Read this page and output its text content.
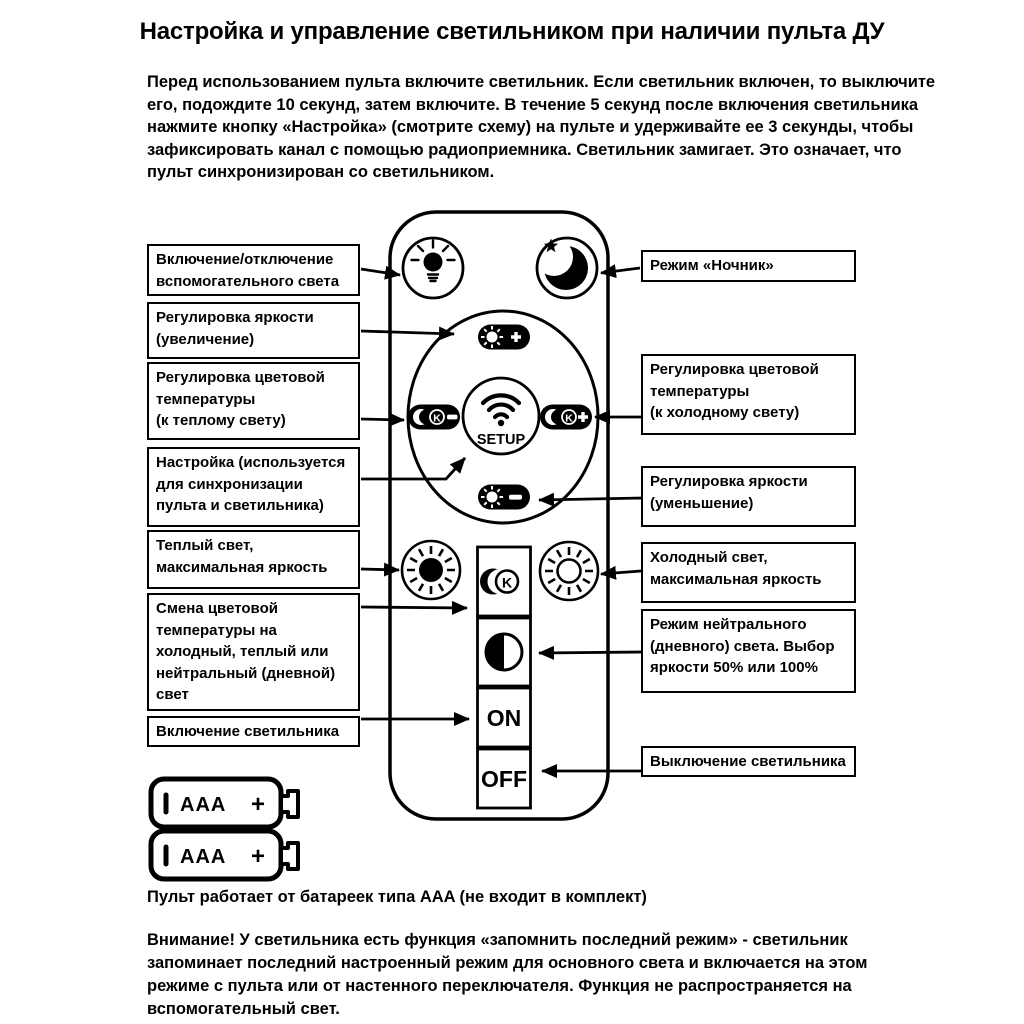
Настройка и управление светильником при наличии пульта ДУ

Перед использованием пульта включите светильник. Если светильник включен, то выключите
его, подождите 10 секунд, затем включите. В течение 5 секунд после включения светильника
нажмите кнопку «Настройка» (смотрите схему) на пульте и удерживайте ее 3 секунды, чтобы
зафиксировать канал с помощью радиоприемника. Светильник замигает. Это означает, что
пульт синхронизирован со светильником.

K
SETUP
K
K
ON
OFF
AAA +
AAA +
Включение/отключение
вспомогательного света
Регулировка яркости
(увеличение)
Регулировка цветовой
температуры
(к теплому свету)
Настройка (используется
для синхронизации
пульта и светильника)
Теплый свет,
максимальная яркость
Смена цветовой
температуры на
холодный, теплый или
нейтральный (дневной)
свет
Включение светильника
Режим «Ночник»
Регулировка цветовой
температуры
(к холодному свету)
Регулировка яркости
(уменьшение)
Холодный свет,
максимальная яркость
Режим нейтрального
(дневного) света. Выбор
яркости 50% или 100%
Выключение светильника

Пульт работает от батареек типа AAA (не входит в комплект)

Внимание! У светильника есть функция «запомнить последний режим» - светильник
запоминает последний настроенный режим для основного света и включается на этом
режиме с пульта или от настенного переключателя. Функция не распространяется на
вспомогательный свет.
